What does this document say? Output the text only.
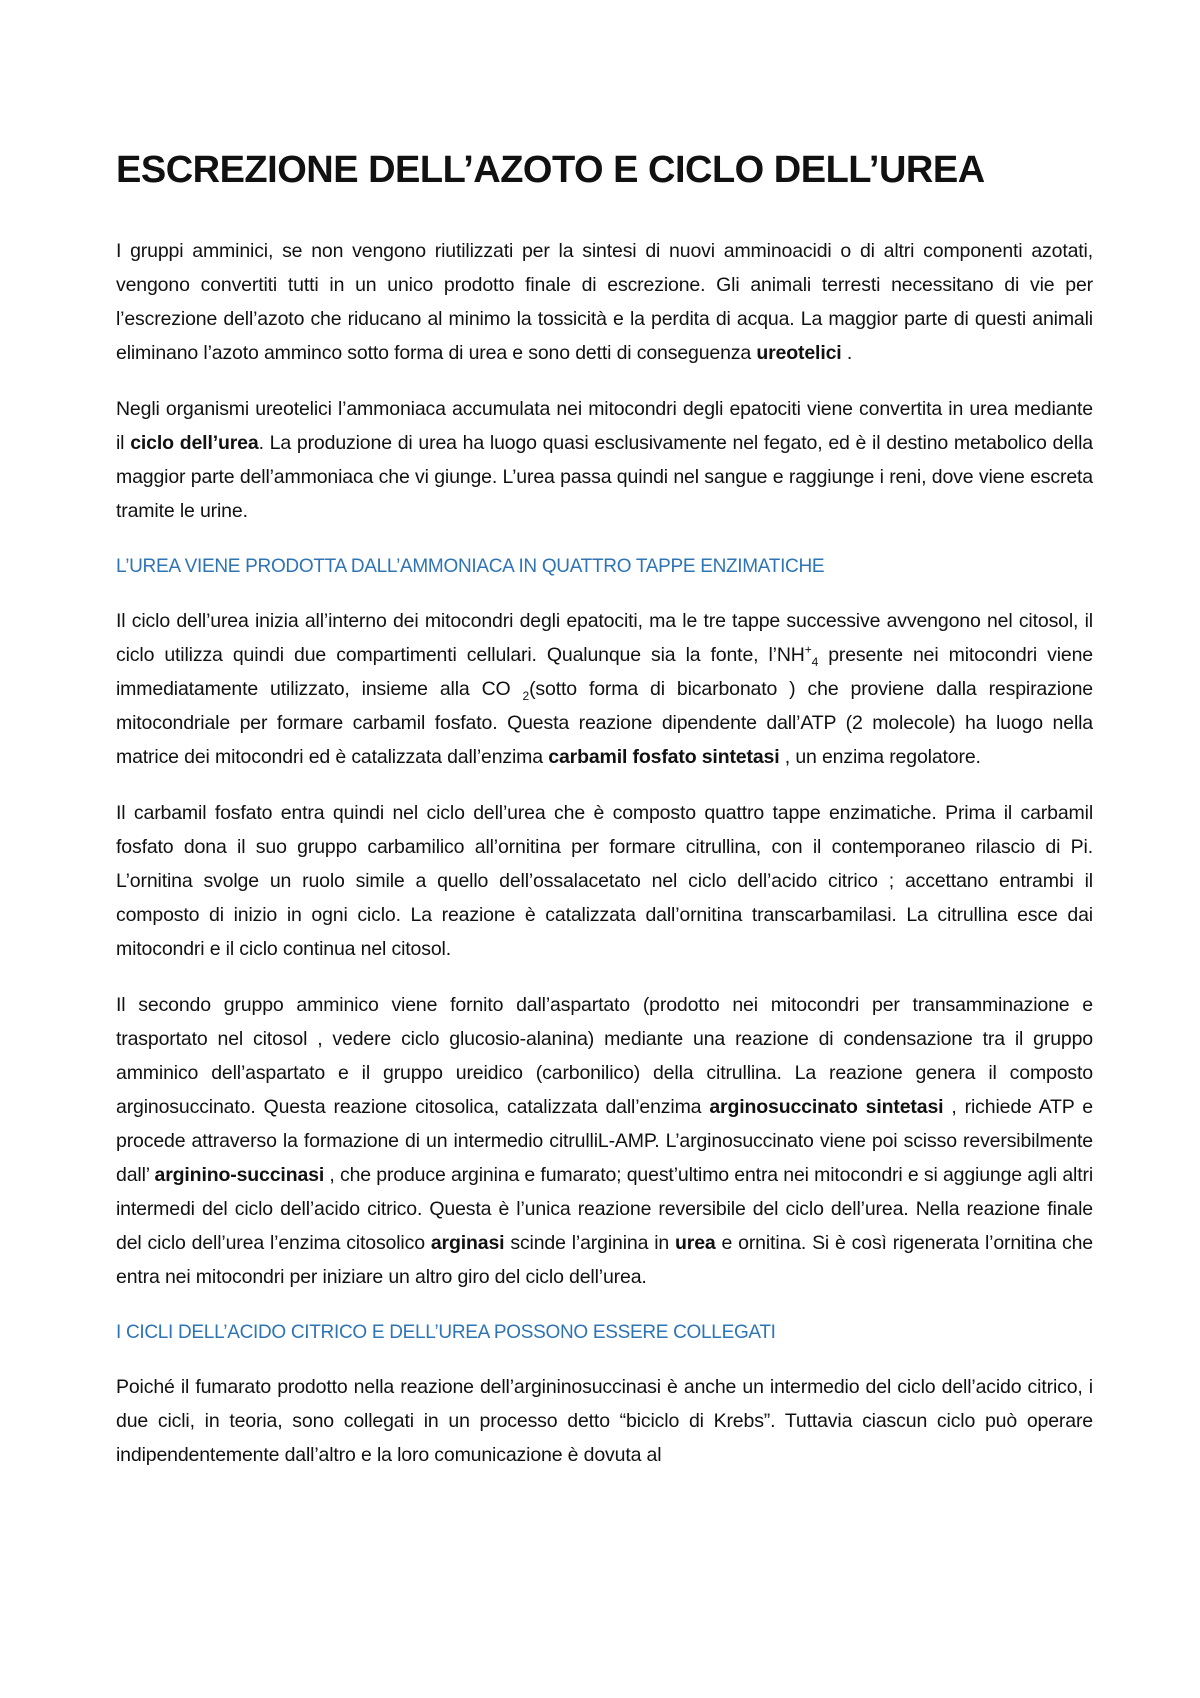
ESCREZIONE DELL’AZOTO E CICLO DELL’UREA

I gruppi amminici, se non vengono riutilizzati per la sintesi di nuovi amminoacidi o di altri componenti azotati, vengono convertiti tutti in un unico prodotto finale di escrezione. Gli animali terresti necessitano di vie per l’escrezione dell’azoto che riducano al minimo la tossicità e la perdita di acqua. La maggior parte di questi animali eliminano l’azoto amminco sotto forma di urea e sono detti di conseguenza ureotelici .

Negli organismi ureotelici l’ammoniaca accumulata nei mitocondri degli epatociti viene convertita in urea mediante il ciclo dell’urea. La produzione di urea ha luogo quasi esclusivamente nel fegato, ed è il destino metabolico della maggior parte dell’ammoniaca che vi giunge. L’urea passa quindi nel sangue e raggiunge i reni, dove viene escreta tramite le urine.

L’UREA VIENE PRODOTTA DALL’AMMONIACA IN QUATTRO TAPPE ENZIMATICHE

Il ciclo dell’urea inizia all’interno dei mitocondri degli epatociti, ma le tre tappe successive avvengono nel citosol, il ciclo utilizza quindi due compartimenti cellulari. Qualunque sia la fonte, $l’NH^+_4$ presente nei mitocondri viene immediatamente utilizzato, insieme alla CO $_2$(sotto forma di bicarbonato ) che proviene dalla respirazione mitocondriale per formare carbamil fosfato. Questa reazione dipendente dall’ATP (2 molecole) ha luogo nella matrice dei mitocondri ed è catalizzata dall’enzima carbamil fosfato sintetasi , un enzima regolatore.

Il carbamil fosfato entra quindi nel ciclo dell’urea che è composto quattro tappe enzimatiche. Prima il carbamil fosfato dona il suo gruppo carbamilico all’ornitina per formare citrullina, con il contemporaneo rilascio di Pi. L’ornitina svolge un ruolo simile a quello dell’ossalacetato nel ciclo dell’acido citrico ; accettano entrambi il composto di inizio in ogni ciclo. La reazione è catalizzata dall’ornitina transcarbamilasi. La citrullina esce dai mitocondri e il ciclo continua nel citosol.

Il secondo gruppo amminico viene fornito dall’aspartato (prodotto nei mitocondri per transamminazione e trasportato nel citosol , vedere ciclo glucosio-alanina) mediante una reazione di condensazione tra il gruppo amminico dell’aspartato e il gruppo ureidico (carbonilico) della citrullina. La reazione genera il composto arginosuccinato. Questa reazione citosolica, catalizzata dall’enzima arginosuccinato sintetasi , richiede ATP e procede attraverso la formazione di un intermedio citrulliL-AMP. L’arginosuccinato viene poi scisso reversibilmente dall’ arginino-succinasi , che produce arginina e fumarato; quest’ultimo entra nei mitocondri e si aggiunge agli altri intermedi del ciclo dell’acido citrico. Questa è l’unica reazione reversibile del ciclo dell’urea. Nella reazione finale del ciclo dell’urea l’enzima citosolico arginasi scinde l’arginina in urea e ornitina. Si è così rigenerata l’ornitina che entra nei mitocondri per iniziare un altro giro del ciclo dell’urea.

I CICLI DELL’ACIDO CITRICO E DELL’UREA POSSONO ESSERE COLLEGATI

Poiché il fumarato prodotto nella reazione dell’argininosuccinasi è anche un intermedio del ciclo dell’acido citrico, i due cicli, in teoria, sono collegati in un processo detto “biciclo di Krebs”. Tuttavia ciascun ciclo può operare indipendentemente dall’altro e la loro comunicazione è dovuta al
